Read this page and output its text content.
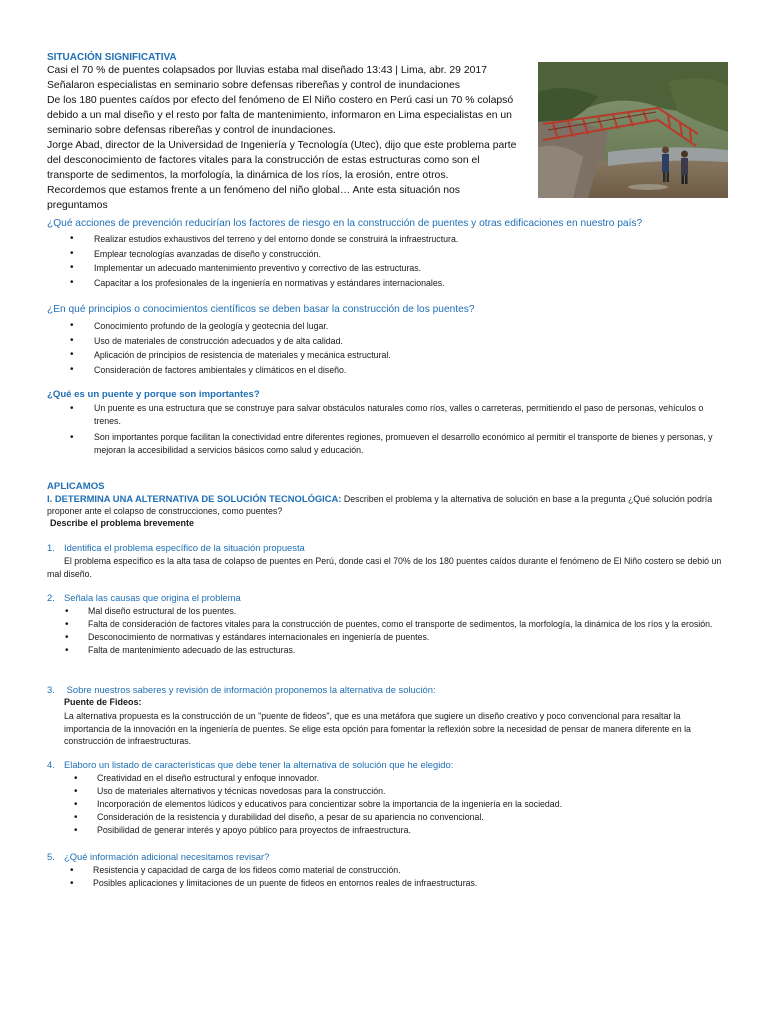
SITUACIÓN SIGNIFICATIVA
Casi el 70 % de puentes colapsados por lluvias estaba mal diseñado 13:43 | Lima, abr. 29 2017
Señalaron especialistas en seminario sobre defensas ribereñas y control de inundaciones
De los 180 puentes caídos por efecto del fenómeno de El Niño costero en Perú casi un 70 % colapsó
debido a un mal diseño y el resto por falta de mantenimiento, informaron en Lima especialistas en un
seminario sobre defensas ribereñas y control de inundaciones.
Jorge Abad, director de la Universidad de Ingeniería y Tecnología (Utec), dijo que este problema parte
del desconocimiento de factores vitales para la construcción de estas estructuras como son el
transporte de sedimentos, la morfología, la dinámica de los ríos, la erosión, entre otros.
Recordemos que estamos frente a un fenómeno del niño global… Ante esta situación nos
preguntamos
¿Qué acciones de prevención reducirían los factores de riesgo en la construcción de puentes y otras edificaciones en nuestro país?
• Realizar estudios exhaustivos del terreno y del entorno donde se construirá la infraestructura.
• Emplear tecnologías avanzadas de diseño y construcción.
• Implementar un adecuado mantenimiento preventivo y correctivo de las estructuras.
• Capacitar a los profesionales de la ingeniería en normativas y estándares internacionales.
¿En qué principios o conocimientos científicos se deben basar la construcción de los puentes?
• Conocimiento profundo de la geología y geotecnia del lugar.
• Uso de materiales de construcción adecuados y de alta calidad.
• Aplicación de principios de resistencia de materiales y mecánica estructural.
• Consideración de factores ambientales y climáticos en el diseño.
¿Qué es un puente y porque son importantes?
• Un puente es una estructura que se construye para salvar obstáculos naturales como ríos, valles o carreteras, permitiendo el paso de personas, vehículos o trenes.
• Son importantes porque facilitan la conectividad entre diferentes regiones, promueven el desarrollo económico al permitir el transporte de bienes y personas, y mejoran la accesibilidad a servicios básicos como salud y educación.
APLICAMOS
I. DETERMINA UNA ALTERNATIVA DE SOLUCIÓN TECNOLÓGICA: Describen el problema y la alternativa de solución en base a la pregunta ¿Qué solución podría proponer ante el colapso de construcciones, como puentes?
Describe el problema brevemente
1. Identifica el problema específico de la situación propuesta
El problema específico es la alta tasa de colapso de puentes en Perú, donde casi el 70% de los 180 puentes caídos durante el fenómeno de El Niño costero se debió un mal diseño.
2. Señala las causas que origina el problema
• Mal diseño estructural de los puentes.
• Falta de consideración de factores vitales para la construcción de puentes, como el transporte de sedimentos, la morfología, la dinámica de los ríos y la erosión.
• Desconocimiento de normativas y estándares internacionales en ingeniería de puentes.
• Falta de mantenimiento adecuado de las estructuras.
3. Sobre nuestros saberes y revisión de información proponemos la alternativa de solución:
Puente de Fideos:
La alternativa propuesta es la construcción de un "puente de fideos", que es una metáfora que sugiere un diseño creativo y poco convencional para resaltar la importancia de la innovación en la ingeniería de puentes. Se elige esta opción para fomentar la reflexión sobre la necesidad de pensar de manera diferente en la construcción de infraestructuras.
4. Elaboro un listado de características que debe tener la alternativa de solución que he elegido:
• Creatividad en el diseño estructural y enfoque innovador.
• Uso de materiales alternativos y técnicas novedosas para la construcción.
• Incorporación de elementos lúdicos y educativos para concientizar sobre la importancia de la ingeniería en la sociedad.
• Consideración de la resistencia y durabilidad del diseño, a pesar de su apariencia no convencional.
• Posibilidad de generar interés y apoyo público para proyectos de infraestructura.
5. ¿Qué información adicional necesitamos revisar?
• Resistencia y capacidad de carga de los fideos como material de construcción.
• Posibles aplicaciones y limitaciones de un puente de fideos en entornos reales de infraestructuras.
